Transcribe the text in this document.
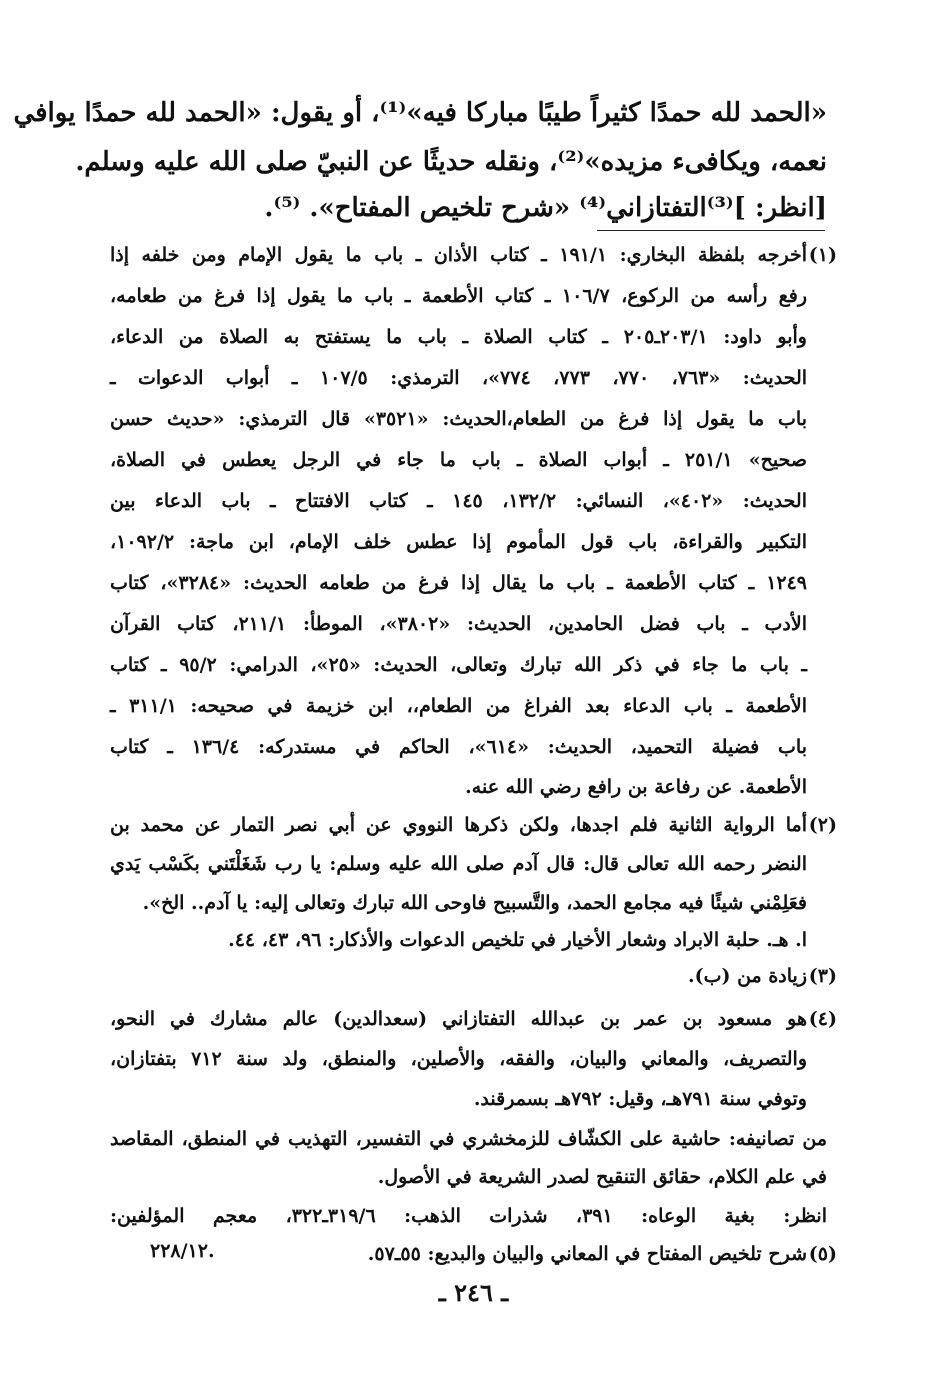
«الحمد لله حمدًا كثيراً طيبًا مباركا فيه»⁽¹⁾، أو يقول: «الحمد لله حمدًا يوافي
نعمه، ويكافىء مزيده»⁽²⁾، ونقله حديثًا عن النبيّ صلى الله عليه وسلم.
[انظر: ]⁽³⁾التفتازاني⁽⁴⁾ «شرح تلخيص المفتاح». ⁽⁵⁾.
(١)
أخرجه بلفظة البخاري: ١٩١/١ ـ كتاب الأذان ـ باب ما يقول الإمام ومن خلفه إذا
رفع رأسه من الركوع، ١٠٦/٧ ـ كتاب الأطعمة ـ باب ما يقول إذا فرغ من طعامه،
وأبو داود: ٢٠٣/١ـ٢٠٥ ـ كتاب الصلاة ـ باب ما يستفتح به الصلاة من الدعاء،
الحديث: «٧٦٣، ٧٧٠، ٧٧٣، ٧٧٤»، الترمذي: ١٠٧/٥ ـ أبواب الدعوات ـ
باب ما يقول إذا فرغ من الطعام،الحديث: «٣٥٢١» قال الترمذي: «حديث حسن
صحيح» ٢٥١/١ ـ أبواب الصلاة ـ باب ما جاء في الرجل يعطس في الصلاة،
الحديث: «٤٠٢»، النسائي: ١٣٢/٢، ١٤٥ ـ كتاب الافتتاح ـ باب الدعاء بين
التكبير والقراءة، باب قول المأموم إذا عطس خلف الإمام، ابن ماجة: ١٠٩٢/٢،
١٢٤٩ ـ كتاب الأطعمة ـ باب ما يقال إذا فرغ من طعامه الحديث: «٣٢٨٤»، كتاب
الأدب ـ باب فضل الحامدين، الحديث: «٣٨٠٢»، الموطأ: ٢١١/١، كتاب القرآن
ـ باب ما جاء في ذكر الله تبارك وتعالى، الحديث: «٢٥»، الدرامي: ٩٥/٢ ـ كتاب
الأطعمة ـ باب الدعاء بعد الفراغ من الطعام،، ابن خزيمة في صحيحه: ٣١١/١ ـ
باب فضيلة التحميد، الحديث: «٦١٤»، الحاكم في مستدركه: ١٣٦/٤ ـ كتاب
الأطعمة. عن رفاعة بن رافع رضي الله عنه.
(٢)
أما الرواية الثانية فلم اجدها، ولكن ذكرها النووي عن أبي نصر التمار عن محمد بن
النضر رحمه الله تعالى قال: قال آدم صلى الله عليه وسلم: يا رب شَغَلْتَني بكَسْب يَدي
فعَلِمْني شيئًا فيه مجامع الحمد، والتَّسبيح فاوحى الله تبارك وتعالى إليه: يا آدم.. الخ».
ا. هـ. حلبة الابراد وشعار الأخيار في تلخيص الدعوات والأذكار: ٩٦، ٤٣، ٤٤.
(٣)
زيادة من (ب).
(٤)
هو مسعود بن عمر بن عبدالله التفتازاني (سعدالدين) عالم مشارك في النحو،
والتصريف، والمعاني والبيان، والفقه، والأصلين، والمنطق، ولد سنة ٧١٢ بتفتازان،
وتوفي سنة ٧٩١هـ، وقيل: ٧٩٢هـ بسمرقند.
من تصانيفه: حاشية على الكشّاف للزمخشري في التفسير، التهذيب في المنطق، المقاصد
في علم الكلام، حقائق التنقيح لصدر الشريعة في الأصول.
انظر: بغية الوعاه: ٣٩١، شذرات الذهب: ٣١٩/٦ـ٣٢٢، معجم المؤلفين:
٢٢٨/١٢.	(٥)
شرح تلخيص المفتاح في المعاني والبيان والبديع: ٥٥ـ٥٧.
ـ ٢٤٦ ـ
